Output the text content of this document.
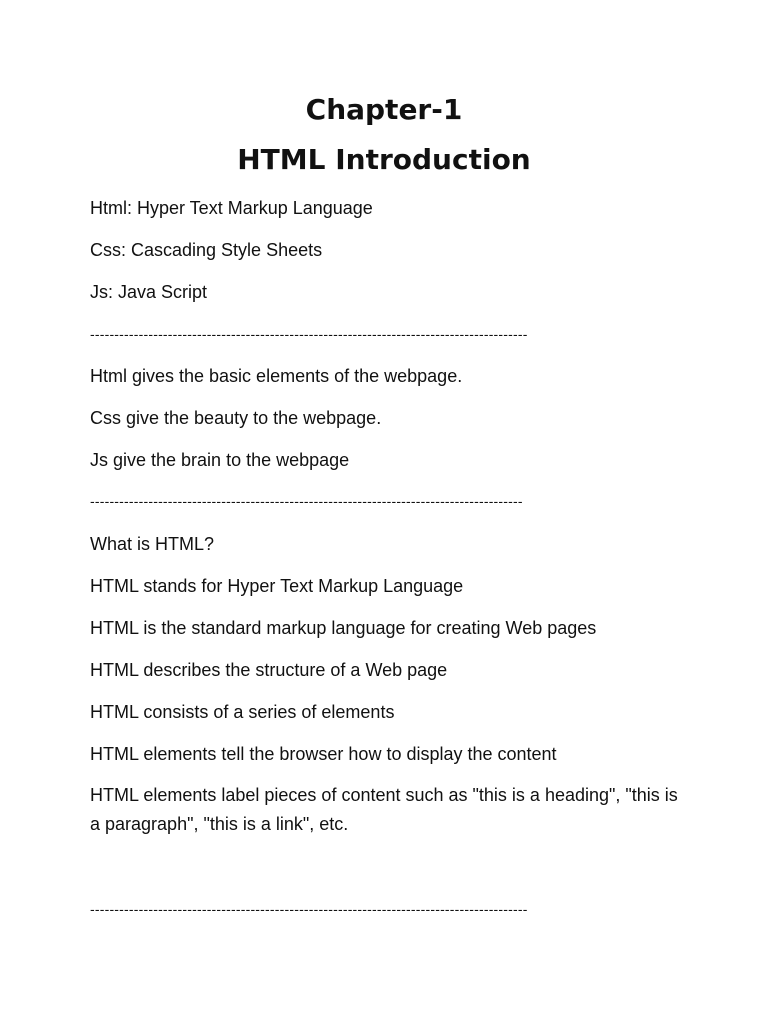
Chapter-1
HTML Introduction

Html: Hyper Text Markup Language

Css: Cascading Style Sheets

Js: Java Script

------------------------------------------------------------------------------------------

Html gives the basic elements of the webpage.

Css give the beauty to the webpage.

Js give the brain to the webpage

-----------------------------------------------------------------------------------------

What is HTML?

HTML stands for Hyper Text Markup Language

HTML is the standard markup language for creating Web pages

HTML describes the structure of a Web page

HTML consists of a series of elements

HTML elements tell the browser how to display the content

HTML elements label pieces of content such as "this is a heading", "this is a paragraph", "this is a link", etc.

------------------------------------------------------------------------------------------
